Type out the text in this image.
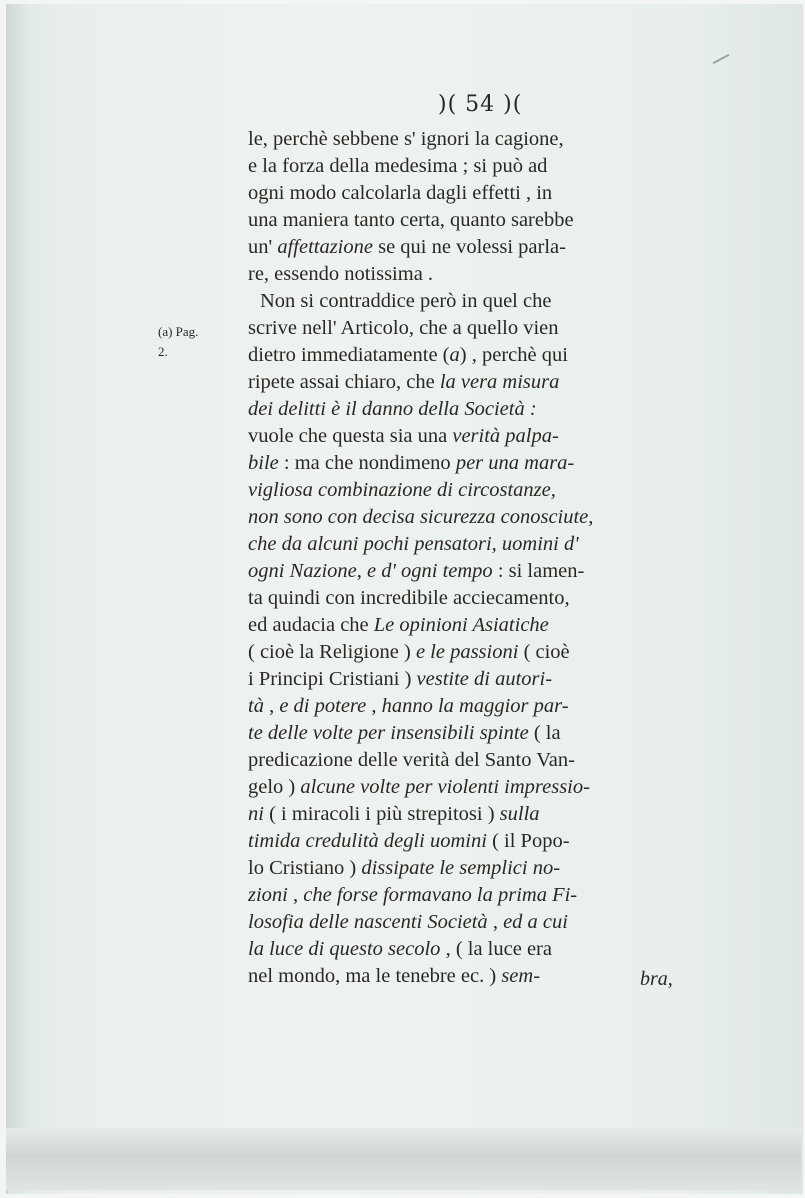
)( 54 )(
(a) Pag.
2.
le, perchè sebbene s' ignori la cagione,
e la forza della medesima ; si può ad
ogni modo calcolarla dagli effetti , in
una maniera tanto certa, quanto sarebbe
un' affettazione se qui ne volessi parla-
re, essendo notissima .
Non si contraddice però in quel che
scrive nell' Articolo, che a quello vien
dietro immediatamente (a) , perchè qui
ripete assai chiaro, che la vera misura
dei delitti è il danno della Società :
vuole che questa sia una verità palpa-
bile : ma che nondimeno per una mara-
vigliosa combinazione di circostanze,
non sono con decisa sicurezza conosciute,
che da alcuni pochi pensatori, uomini d'
ogni Nazione, e d' ogni tempo : si lamen-
ta quindi con incredibile acciecamento,
ed audacia che Le opinioni Asiatiche
( cioè la Religione ) e le passioni ( cioè
i Principi Cristiani ) vestite di autori-
tà , e di potere , hanno la maggior par-
te delle volte per insensibili spinte ( la
predicazione delle verità del Santo Van-
gelo ) alcune volte per violenti impressio-
ni ( i miracoli i più strepitosi ) sulla
timida credulità degli uomini ( il Popo-
lo Cristiano ) dissipate le semplici no-
zioni , che forse formavano la prima Fi-
losofia delle nascenti Società , ed a cui
la luce di questo secolo , ( la luce era
nel mondo, ma le tenebre ec. ) sem-	bra,
